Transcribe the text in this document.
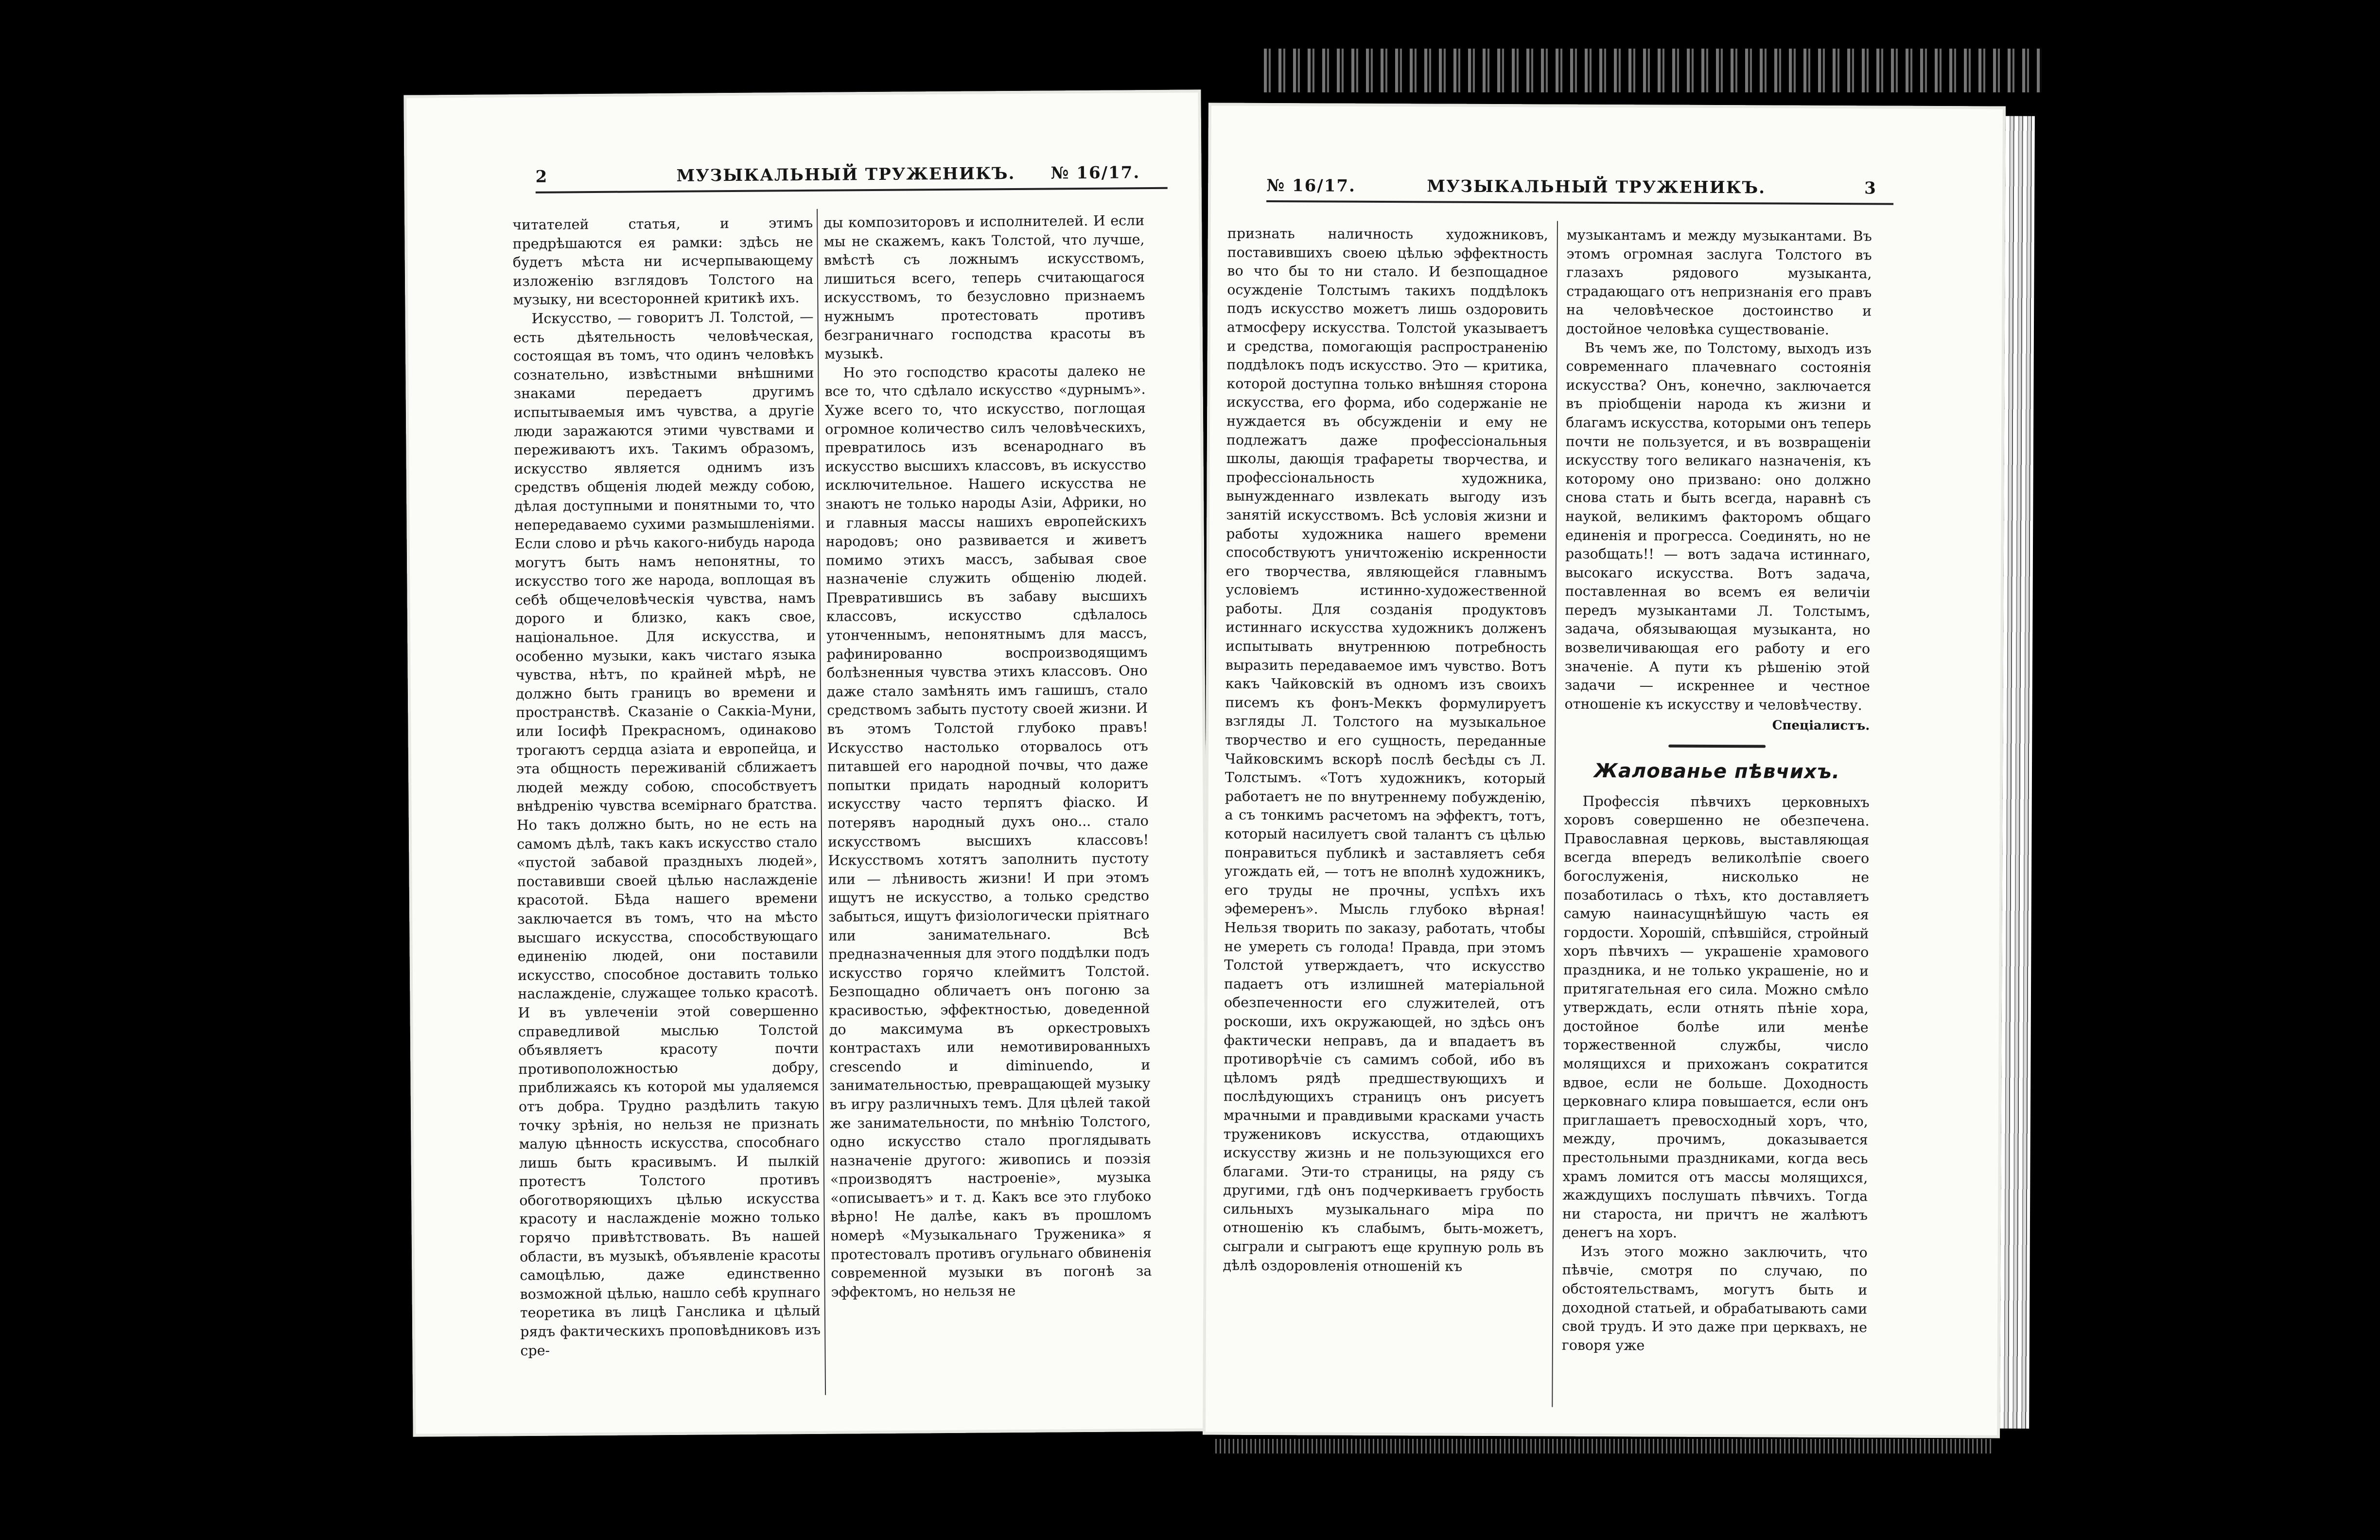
2	МУЗЫКАЛЬНЫЙ ТРУЖЕНИКЪ. № 16/17.

читателей статья, и этимъ предрѣшаются ея рамки: здѣсь не будетъ мѣста ни исчерпывающему изложенiю взглядовъ Толстого на музыку, ни всесторонней критикѣ ихъ.

Искусство, — говоритъ Л. Толстой, — есть дѣятельность человѣческая, состоящая въ томъ, что одинъ человѣкъ сознательно, извѣстными внѣшними знаками передаетъ другимъ испытываемыя имъ чувства, а другiе люди заражаются этими чувствами и переживаютъ ихъ. Такимъ образомъ, искусство является однимъ изъ средствъ общенiя людей между собою, дѣлая доступными и понятными то, что непередаваемо сухими размышленiями. Если слово и рѣчь какого-нибудь народа могутъ быть намъ непонятны, то искусство того же народа, воплощая въ себѣ общечеловѣческiя чувства, намъ дорого и близко, какъ свое, нацiональное. Для искусства, и особенно музыки, какъ чистаго языка чувства, нѣтъ, по крайней мѣрѣ, не должно быть границъ во времени и пространствѣ. Сказанiе о Саккiа-Муни, или Iосифѣ Прекрасномъ, одинаково трогаютъ сердца азiата и европейца, и эта общность переживанiй сближаетъ людей между собою, способствуетъ внѣдренiю чувства всемiрнаго братства. Но такъ должно быть, но не есть на самомъ дѣлѣ, такъ какъ искусство стало «пустой забавой праздныхъ людей», поставивши своей цѣлью наслажденiе красотой. Бѣда нашего времени заключается въ томъ, что на мѣсто высшаго искусства, способствующаго единенiю людей, они поставили искусство, способное доставить только наслажденiе, служащее только красотѣ. И въ увлеченiи этой совершенно справедливой мыслью Толстой объявляетъ красоту почти противоположностью добру, приближаясь къ которой мы удаляемся отъ добра. Трудно раздѣлить такую точку зрѣнiя, но нельзя не признать малую цѣнность искусства, способнаго лишь быть красивымъ. И пылкiй протестъ Толстого противъ обоготворяющихъ цѣлью искусства красоту и наслажденiе можно только горячо привѣтствовать. Въ нашей области, въ музыкѣ, объявленiе красоты самоцѣлью, даже единственно возможной цѣлью, нашло себѣ крупнаго теоретика въ лицѣ Ганслика и цѣлый рядъ фактическихъ проповѣдниковъ изъ сре-

ды композиторовъ и исполнителей. И если мы не скажемъ, какъ Толстой, что лучше, вмѣстѣ съ ложнымъ искусствомъ, лишиться всего, теперь считающагося искусствомъ, то безусловно признаемъ нужнымъ протестовать противъ безграничнаго господства красоты въ музыкѣ.

Но это господство красоты далеко не все то, что сдѣлало искусство «дурнымъ». Хуже всего то, что искусство, поглощая огромное количество силъ человѣческихъ, превратилось изъ всенароднаго въ искусство высшихъ классовъ, въ искусство исключительное. Нашего искусства не знаютъ не только народы Азiи, Африки, но и главныя массы нашихъ европейскихъ народовъ; оно развивается и живетъ помимо этихъ массъ, забывая свое назначенiе служить общенiю людей. Превратившись въ забаву высшихъ классовъ, искусство сдѣлалось утонченнымъ, непонятнымъ для массъ, рафинированно воспроизводящимъ болѣзненныя чувства этихъ классовъ. Оно даже стало замѣнять имъ гашишъ, стало средствомъ забыть пустоту своей жизни. И въ этомъ Толстой глубоко правъ! Искусство настолько оторвалось отъ питавшей его народной почвы, что даже попытки придать народный колоритъ искусству часто терпятъ фiаско. И потерявъ народный духъ оно... стало искусствомъ высшихъ классовъ! Искусствомъ хотятъ заполнить пустоту или — лѣнивость жизни! И при этомъ ищутъ не искусство, а только средство забыться, ищутъ физiологически прiятнаго или занимательнаго. Всѣ предназначенныя для этого поддѣлки подъ искусство горячо клеймитъ Толстой. Безпощадно обличаетъ онъ погоню за красивостью, эффектностью, доведенной до максимума въ оркестровыхъ контрастахъ или немотивированныхъ crescendo и diminuendo, и занимательностью, превращающей музыку въ игру различныхъ темъ. Для цѣлей такой же занимательности, по мнѣнiю Толстого, одно искусство стало проглядывать назначенiе другого: живопись и поэзiя «производятъ настроенiе», музыка «описываетъ» и т. д. Какъ все это глубоко вѣрно! Не далѣе, какъ въ прошломъ номерѣ «Музыкальнаго Труженика» я протестовалъ противъ огульнаго обвиненiя современной музыки въ погонѣ за эффектомъ, но нельзя не

№ 16/17.	МУЗЫКАЛЬНЫЙ ТРУЖЕНИКЪ.	3

признать наличность художниковъ, поставившихъ своею цѣлью эффектность во что бы то ни стало. И безпощадное осужденiе Толстымъ такихъ поддѣлокъ подъ искусство можетъ лишь оздоровить атмосферу искусства. Толстой указываетъ и средства, помогающiя распространенiю поддѣлокъ подъ искусство. Это — критика, которой доступна только внѣшняя сторона искусства, его форма, ибо содержанiе не нуждается въ обсужденiи и ему не подлежатъ даже профессiональныя школы, дающiя трафареты творчества, и профессiональность художника, вынужденнаго извлекать выгоду изъ занятiй искусствомъ. Всѣ условiя жизни и работы художника нашего времени способствуютъ уничтоженiю искренности его творчества, являющейся главнымъ условiемъ истинно-художественной работы. Для созданiя продуктовъ истиннаго искусства художникъ долженъ испытывать внутреннюю потребность выразить передаваемое имъ чувство. Вотъ какъ Чайковскiй въ одномъ изъ своихъ писемъ къ фонъ-Меккъ формулируетъ взгляды Л. Толстого на музыкальное творчество и его сущность, переданные Чайковскимъ вскорѣ послѣ бесѣды съ Л. Толстымъ. «Тотъ художникъ, который работаетъ не по внутреннему побужденiю, а съ тонкимъ расчетомъ на эффектъ, тотъ, который насилуетъ свой талантъ съ цѣлью понравиться публикѣ и заставляетъ себя угождать ей, — тотъ не вполнѣ художникъ, его труды не прочны, успѣхъ ихъ эфемеренъ». Мысль глубоко вѣрная! Нельзя творить по заказу, работать, чтобы не умереть съ голода! Правда, при этомъ Толстой утверждаетъ, что искусство падаетъ отъ излишней матерiальной обезпеченности его служителей, отъ роскоши, ихъ окружающей, но здѣсь онъ фактически неправъ, да и впадаетъ въ противорѣчiе съ самимъ собой, ибо въ цѣломъ рядѣ предшествующихъ и послѣдующихъ страницъ онъ рисуетъ мрачными и правдивыми красками участь тружениковъ искусства, отдающихъ искусству жизнь и не пользующихся его благами. Эти-то страницы, на ряду съ другими, гдѣ онъ подчеркиваетъ грубость сильныхъ музыкальнаго мiра по отношенiю къ слабымъ, быть-можетъ, сыграли и сыграютъ еще крупную роль въ дѣлѣ оздоровленiя отношенiй къ

музыкантамъ и между музыкантами. Въ этомъ огромная заслуга Толстого въ глазахъ рядового музыканта, страдающаго отъ непризнанiя его правъ на человѣческое достоинство и достойное человѣка существованiе.

Въ чемъ же, по Толстому, выходъ изъ современнаго плачевнаго состоянiя искусства? Онъ, конечно, заключается въ прiобщенiи народа къ жизни и благамъ искусства, которыми онъ теперь почти не пользуется, и въ возвращенiи искусству того великаго назначенiя, къ которому оно призвано: оно должно снова стать и быть всегда, наравнѣ съ наукой, великимъ факторомъ общаго единенiя и прогресса. Соединять, но не разобщать!! — вотъ задача истиннаго, высокаго искусства. Вотъ задача, поставленная во всемъ ея величiи передъ музыкантами Л. Толстымъ, задача, обязывающая музыканта, но возвеличивающая его работу и его значенiе. А пути къ рѣшенiю этой задачи — искреннее и честное отношенiе къ искусству и человѣчеству.

Спецiалистъ.
Жалованье пѣвчихъ.

Профессiя пѣвчихъ церковныхъ хоровъ совершенно не обезпечена. Православная церковь, выставляющая всегда впередъ великолѣпiе своего богослуженiя, нисколько не позаботилась о тѣхъ, кто доставляетъ самую наинасущнѣйшую часть ея гордости. Хорошiй, спѣвшiйся, стройный хоръ пѣвчихъ — украшенiе храмового праздника, и не только украшенiе, но и притягательная его сила. Можно смѣло утверждать, если отнять пѣнiе хора, достойное болѣе или менѣе торжественной службы, число молящихся и прихожанъ сократится вдвое, если не больше. Доходность церковнаго клира повышается, если онъ приглашаетъ превосходный хоръ, что, между, прочимъ, доказывается престольными праздниками, когда весь храмъ ломится отъ массы молящихся, жаждущихъ послушать пѣвчихъ. Тогда ни староста, ни причтъ не жалѣютъ денегъ на хоръ.

Изъ этого можно заключить, что пѣвчiе, смотря по случаю, по обстоятельствамъ, могутъ быть и доходной статьей, и обрабатывають сами свой трудъ. И это даже при церквахъ, не говоря уже
